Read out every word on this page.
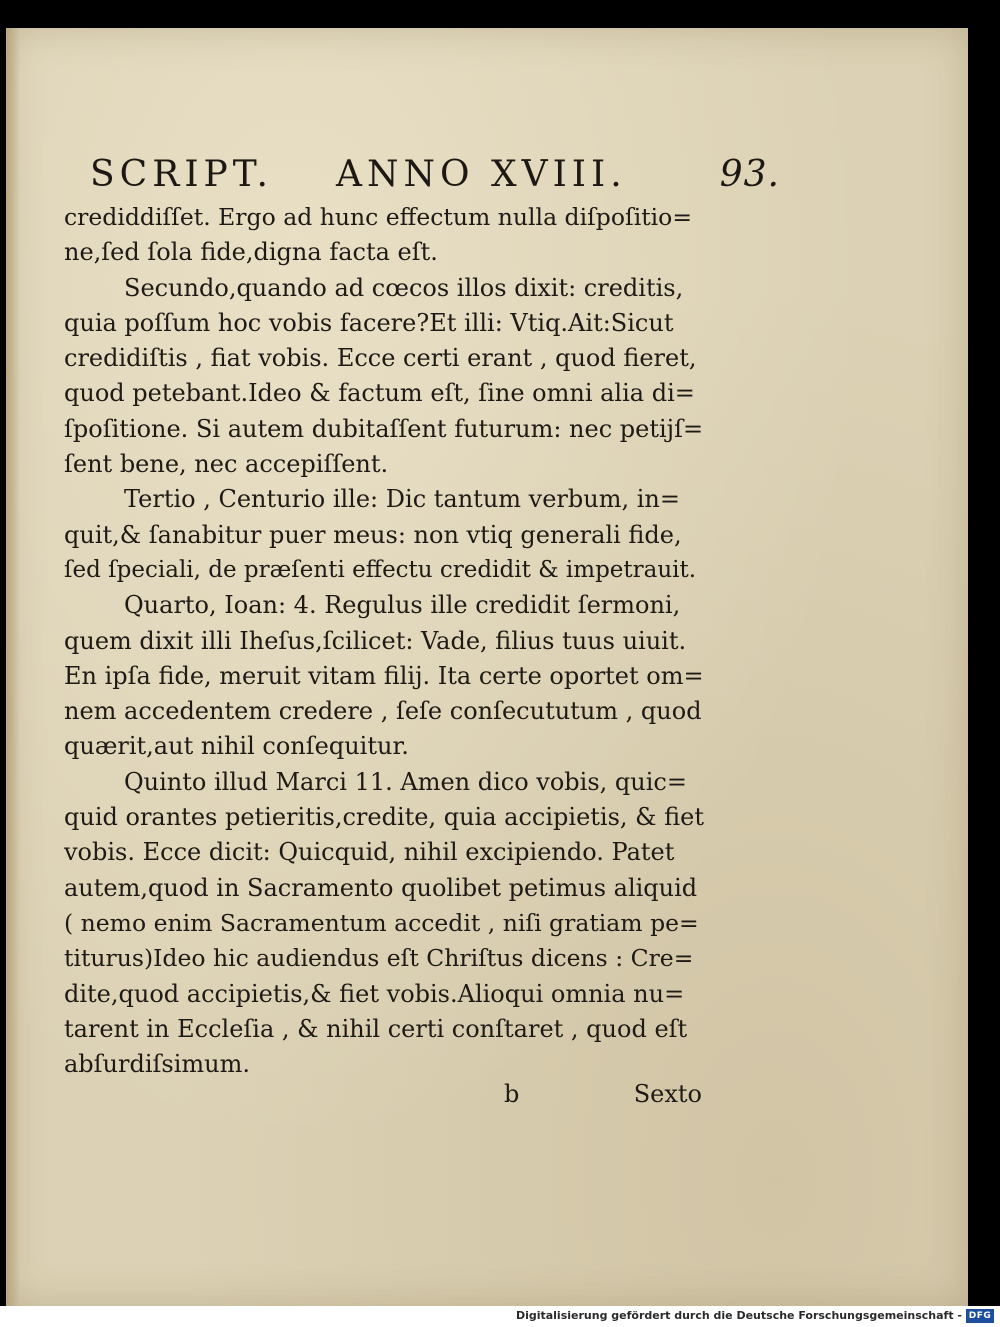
SCRIPT. ANNO XVIII.	93.
crediddiſſet. Ergo ad hunc effectum nulla diſpoſitio=
ne,ſed ſola fide,digna facta eſt.
Secundo,quando ad cœcos illos dixit: creditis,
quia poſſum hoc vobis facere?Et illi: Vtiq.Ait:Sicut
credidiſtis , fiat vobis. Ecce certi erant , quod fieret,
quod petebant.Ideo & factum eſt, ſine omni alia di=
ſpoſitione. Si autem dubitaſſent futurum: nec petijſ=
ſent bene, nec accepiſſent.
Tertio , Centurio ille: Dic tantum verbum, in=
quit,& ſanabitur puer meus: non vtiq generali fide,
ſed ſpeciali, de præſenti effectu credidit & impetrauit.
Quarto, Ioan: 4. Regulus ille credidit ſermoni,
quem dixit illi Iheſus,ſcilicet: Vade, filius tuus uiuit.
En ipſa fide, meruit vitam filij. Ita certe oportet om=
nem accedentem credere , ſeſe conſecututum , quod
quærit,aut nihil conſequitur.
Quinto illud Marci 11. Amen dico vobis, quic=
quid orantes petieritis,credite, quia accipietis, & fiet
vobis. Ecce dicit: Quicquid, nihil excipiendo. Patet
autem,quod in Sacramento quolibet petimus aliquid
( nemo enim Sacramentum accedit , niſi gratiam pe=
titurus)Ideo hic audiendus eſt Chriſtus dicens : Cre=
dite,quod accipietis,& fiet vobis.Alioqui omnia nu=
tarent in Eccleſia , & nihil certi conſtaret , quod eſt
abſurdiſsimum.
b	Sexto
Digitalisierung gefördert durch die Deutsche Forschungsgemeinschaft - DFG
